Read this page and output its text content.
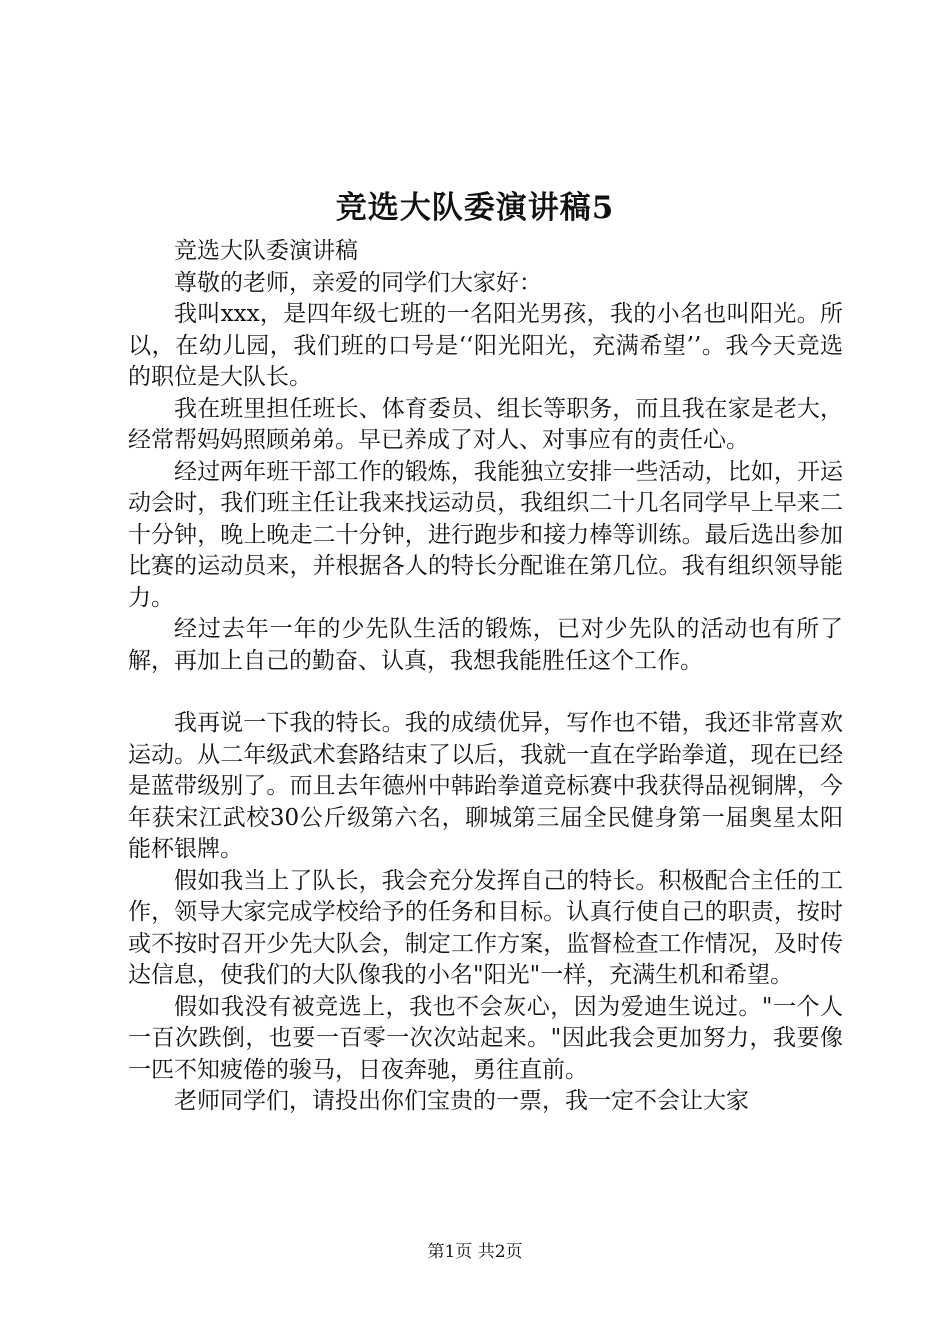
竞选大队委演讲稿5

竞选大队委演讲稿

尊敬的老师，亲爱的同学们大家好：

我叫xxx，是四年级七班的一名阳光男孩，我的小名也叫阳光。所以，在幼儿园，我们班的口号是‘‘阳光阳光，充满希望’’。我今天竞选的职位是大队长。

我在班里担任班长、体育委员、组长等职务，而且我在家是老大，经常帮妈妈照顾弟弟。早已养成了对人、对事应有的责任心。

经过两年班干部工作的锻炼，我能独立安排一些活动，比如，开运动会时，我们班主任让我来找运动员，我组织二十几名同学早上早来二十分钟，晚上晚走二十分钟，进行跑步和接力棒等训练。最后选出参加比赛的运动员来，并根据各人的特长分配谁在第几位。我有组织领导能力。

经过去年一年的少先队生活的锻炼，已对少先队的活动也有所了解，再加上自己的勤奋、认真，我想我能胜任这个工作。

我再说一下我的特长。我的成绩优异，写作也不错，我还非常喜欢运动。从二年级武术套路结束了以后，我就一直在学跆拳道，现在已经是蓝带级别了。而且去年德州中韩跆拳道竞标赛中我获得品视铜牌，今年获宋江武校30公斤级第六名，聊城第三届全民健身第一届奥星太阳能杯银牌。

假如我当上了队长，我会充分发挥自己的特长。积极配合主任的工作，领导大家完成学校给予的任务和目标。认真行使自己的职责，按时或不按时召开少先大队会，制定工作方案，监督检查工作情况，及时传达信息，使我们的大队像我的小名"阳光"一样，充满生机和希望。

假如我没有被竞选上，我也不会灰心，因为爱迪生说过。"一个人一百次跌倒，也要一百零一次次站起来。"因此我会更加努力，我要像一匹不知疲倦的骏马，日夜奔驰，勇往直前。

老师同学们，请投出你们宝贵的一票，我一定不会让大家

第1页 共2页
